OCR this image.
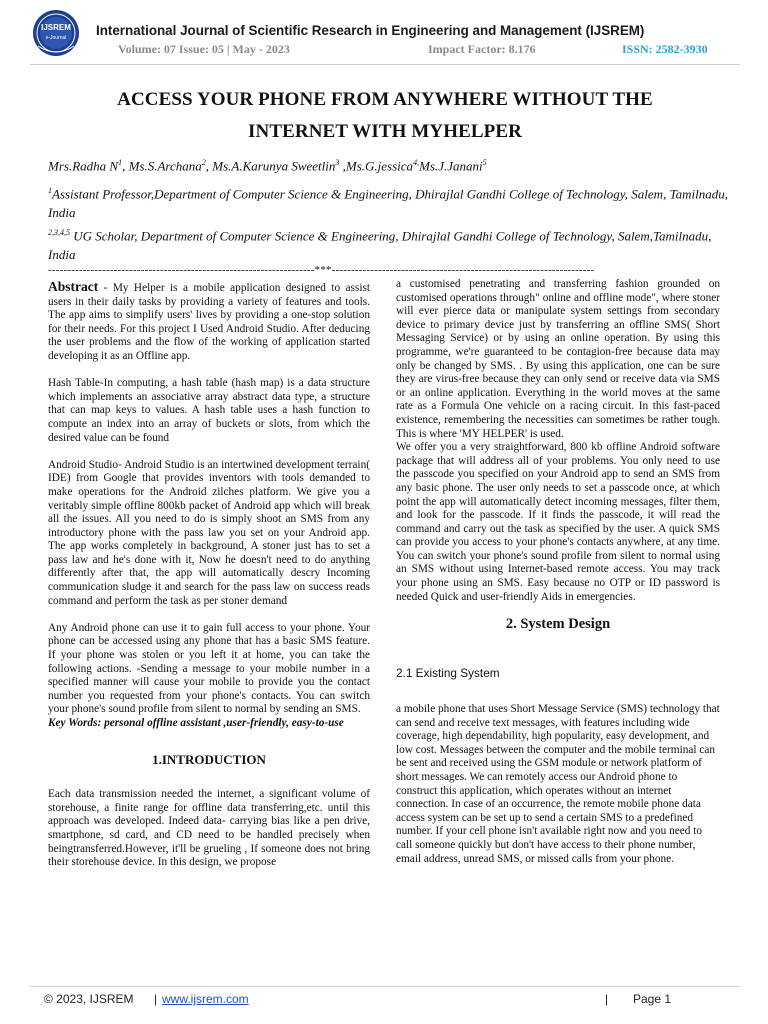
IJSREM
e-Journal International Journal of Scientific Research in Engineering and Management (IJSREM)
Volume: 07 Issue: 05 | May - 2023	Impact Factor: 8.176	ISSN: 2582-3930
ACCESS YOUR PHONE FROM ANYWHERE WITHOUT THE
INTERNET WITH MYHELPER
Mrs.Radha $N^1$, Ms.S.Archana$^2$, Ms.A.Karunya Sweetlin$^3$ ,Ms.G.jessica$^{4,}$Ms.J.Janani$^5$
$^1$Assistant Professor,Department of Computer Science & Engineering, Dhirajlal Gandhi College of Technology, Salem, Tamilnadu, India
$^{2,3,4,5}$ UG Scholar, Department of Computer Science & Engineering, Dhirajlal Gandhi College of Technology, Salem,Tamilnadu, India
---------------------------------------------------------------------***--------------------------------------------------------------------

Abstract - My Helper is a mobile application designed to assist users in their daily tasks by providing a variety of features and tools. The app aims to simplify users' lives by providing a one-stop solution for their needs. For this project I Used Android Studio. After deducing the user problems and the flow of the working of application started developing it as an Offline app.

Hash Table-In computing, a hash table (hash map) is a data structure which implements an associative array abstract data type, a structure that can map keys to values. A hash table uses a hash function to compute an index into an array of buckets or slots, from which the desired value can be found

Android Studio- Android Studio is an intertwined development terrain( IDE) from Google that provides inventors with tools demanded to make operations for the Android zilches platform. We give you a veritably simple offline 800kb packet of Android app which will break all the issues. All you need to do is simply shoot an SMS from any introductory phone with the pass law you set on your Android app. The app works completely in background, A stoner just has to set a pass law and he's done with it, Now he doesn't need to do anything differently after that, the app will automatically descry Incoming communication sludge it and search for the pass law on success reads command and perform the task as per stoner demand

Any Android phone can use it to gain full access to your phone. Your phone can be accessed using any phone that has a basic SMS feature. If your phone was stolen or you left it at home, you can take the following actions. -Sending a message to your mobile number in a specified manner will cause your mobile to provide you the contact number you requested from your phone's contacts. You can switch your phone's sound profile from silent to normal by sending an SMS.

Key Words: personal offline assistant ,user-friendly, easy-to-use

1.INTRODUCTION

Each data transmission needed the internet, a significant volume of storehouse, a finite range for offline data transferring,etc. until this approach was developed. Indeed data- carrying bias like a pen drive, smartphone, sd card, and CD need to be handled precisely when beingtransferred.However, it'll be grueling , If someone does not bring their storehouse device. In this design, we propose

a customised penetrating and transferring fashion grounded on customised operations through" online and offline mode", where stoner will ever pierce data or manipulate system settings from secondary device to primary device just by transferring an offline SMS( Short Messaging Service) or by using an online operation. By using this programme, we're guaranteed to be contagion-free because data may only be changed by SMS. . By using this application, one can be sure they are virus-free because they can only send or receive data via SMS or an online application. Everything in the world moves at the same rate as a Formula One vehicle on a racing circuit. In this fast-paced existence, remembering the necessities can sometimes be rather tough. This is where 'MY HELPER' is used.

We offer you a very straightforward, 800 kb offline Android software package that will address all of your problems. You only need to use the passcode you specified on your Android app to send an SMS from any basic phone. The user only needs to set a passcode once, at which point the app will automatically detect incoming messages, filter them, and look for the passcode. If it finds the passcode, it will read the command and carry out the task as specified by the user. A quick SMS can provide you access to your phone's contacts anywhere, at any time. You can switch your phone's sound profile from silent to normal using an SMS without using Internet-based remote access. You may track your phone using an SMS. Easy because no OTP or ID password is needed Quick and user-friendly Aids in emergencies.

2. System Design
2.1 Existing System

a mobile phone that uses Short Message Service (SMS) technology that can send and receive text messages, with features including wide coverage, high dependability, high popularity, easy development, and low cost. Messages between the computer and the mobile terminal can be sent and received using the GSM module or network platform of short messages. We can remotely access our Android phone to construct this application, which operates without an internet connection. In case of an occurrence, the remote mobile phone data access system can be set up to send a certain SMS to a predefined number. If your cell phone isn't available right now and you need to call someone quickly but don't have access to their phone number, email address, unread SMS, or missed calls from your phone.

© 2023, IJSREM | www.ijsrem.com	| Page 1
